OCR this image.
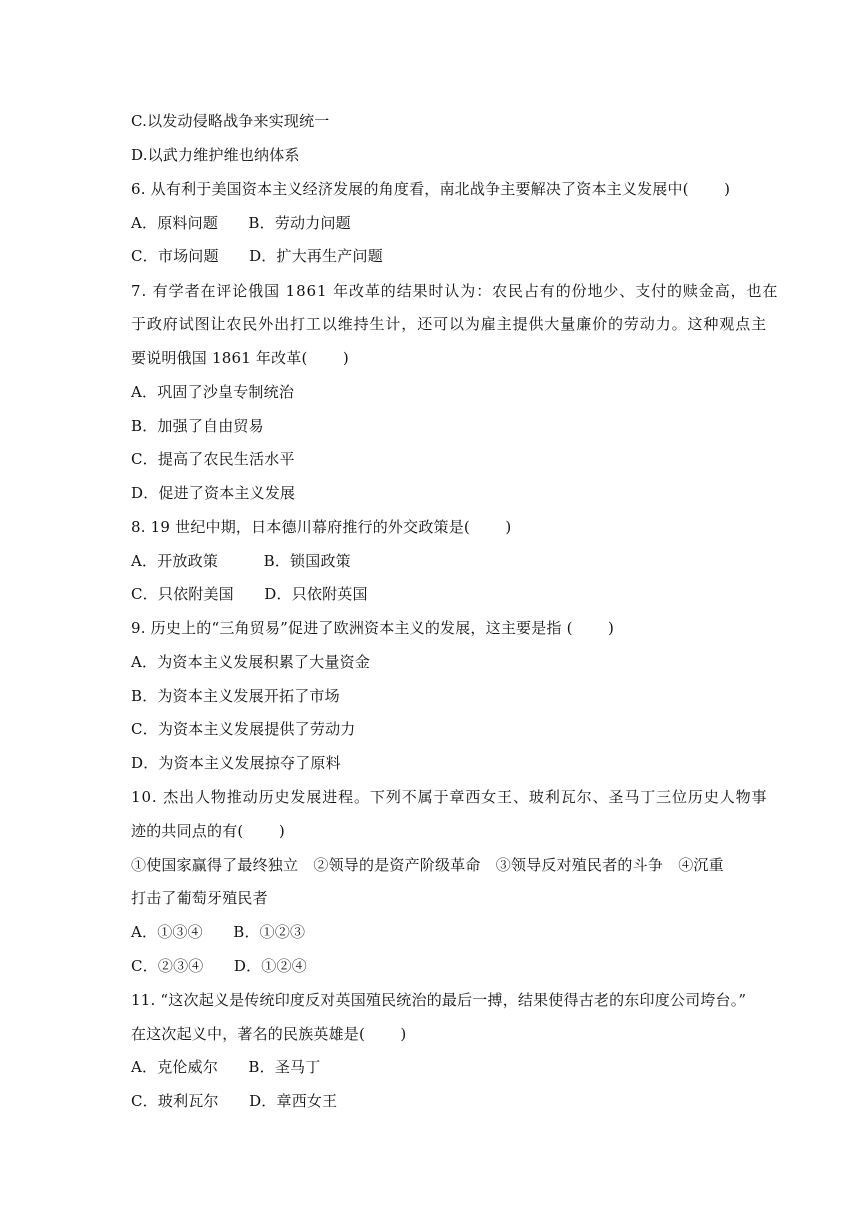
C.以发动侵略战争来实现统一
D.以武力维护维也纳体系
6. 从有利于美国资本主义经济发展的角度看，南北战争主要解决了资本主义发展中(　　 )
A．原料问题　　B．劳动力问题
C．市场问题　　D．扩大再生产问题
7. 有学者在评论俄国 1861 年改革的结果时认为：农民占有的份地少、支付的赎金高，也在
于政府试图让农民外出打工以维持生计，还可以为雇主提供大量廉价的劳动力。这种观点主
要说明俄国 1861 年改革(　　 )
A．巩固了沙皇专制统治
B．加强了自由贸易
C．提高了农民生活水平
D．促进了资本主义发展
8. 19 世纪中期，日本德川幕府推行的外交政策是(　　 )
A．开放政策　　　B．锁国政策
C．只依附美国　　D．只依附英国
9. 历史上的“三角贸易”促进了欧洲资本主义的发展，这主要是指 (　　 )
A．为资本主义发展积累了大量资金
B．为资本主义发展开拓了市场
C．为资本主义发展提供了劳动力
D．为资本主义发展掠夺了原料
10. 杰出人物推动历史发展进程。下列不属于章西女王、玻利瓦尔、圣马丁三位历史人物事
迹的共同点的有(　　 )
①使国家赢得了最终独立　②领导的是资产阶级革命　③领导反对殖民者的斗争　④沉重
打击了葡萄牙殖民者
A．①③④　　B．①②③
C．②③④　　D．①②④
11. “这次起义是传统印度反对英国殖民统治的最后一搏，结果使得古老的东印度公司垮台。”
在这次起义中，著名的民族英雄是(　　 )
A．克伦威尔　　B．圣马丁
C．玻利瓦尔　　D．章西女王
